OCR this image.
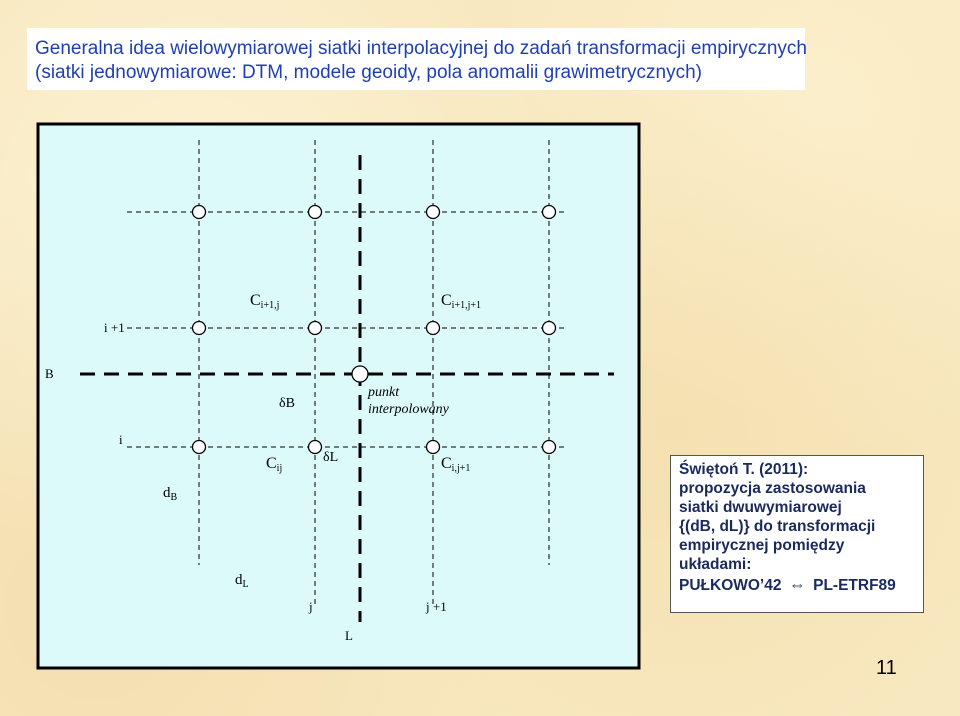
Generalna idea wielowymiarowej siatki interpolacyjnej do zadań transformacji empirycznych
(siatki jednowymiarowe: DTM, modele geoidy, pola anomalii grawimetrycznych)
i +1
i
B
L
δB
δL
$d_B$
$d_L$
j	j +1
Ci+1,j	Ci+1,j+1
Cij	Ci,j+1
punkt
interpolowany
Świętoń T. (2011):
propozycja zastosowania
siatki dwuwymiarowej
{(dB, dL)} do transformacji
empirycznej pomiędzy
układami:
PUŁKOWO’42 ⇔ PL-ETRF89
11
